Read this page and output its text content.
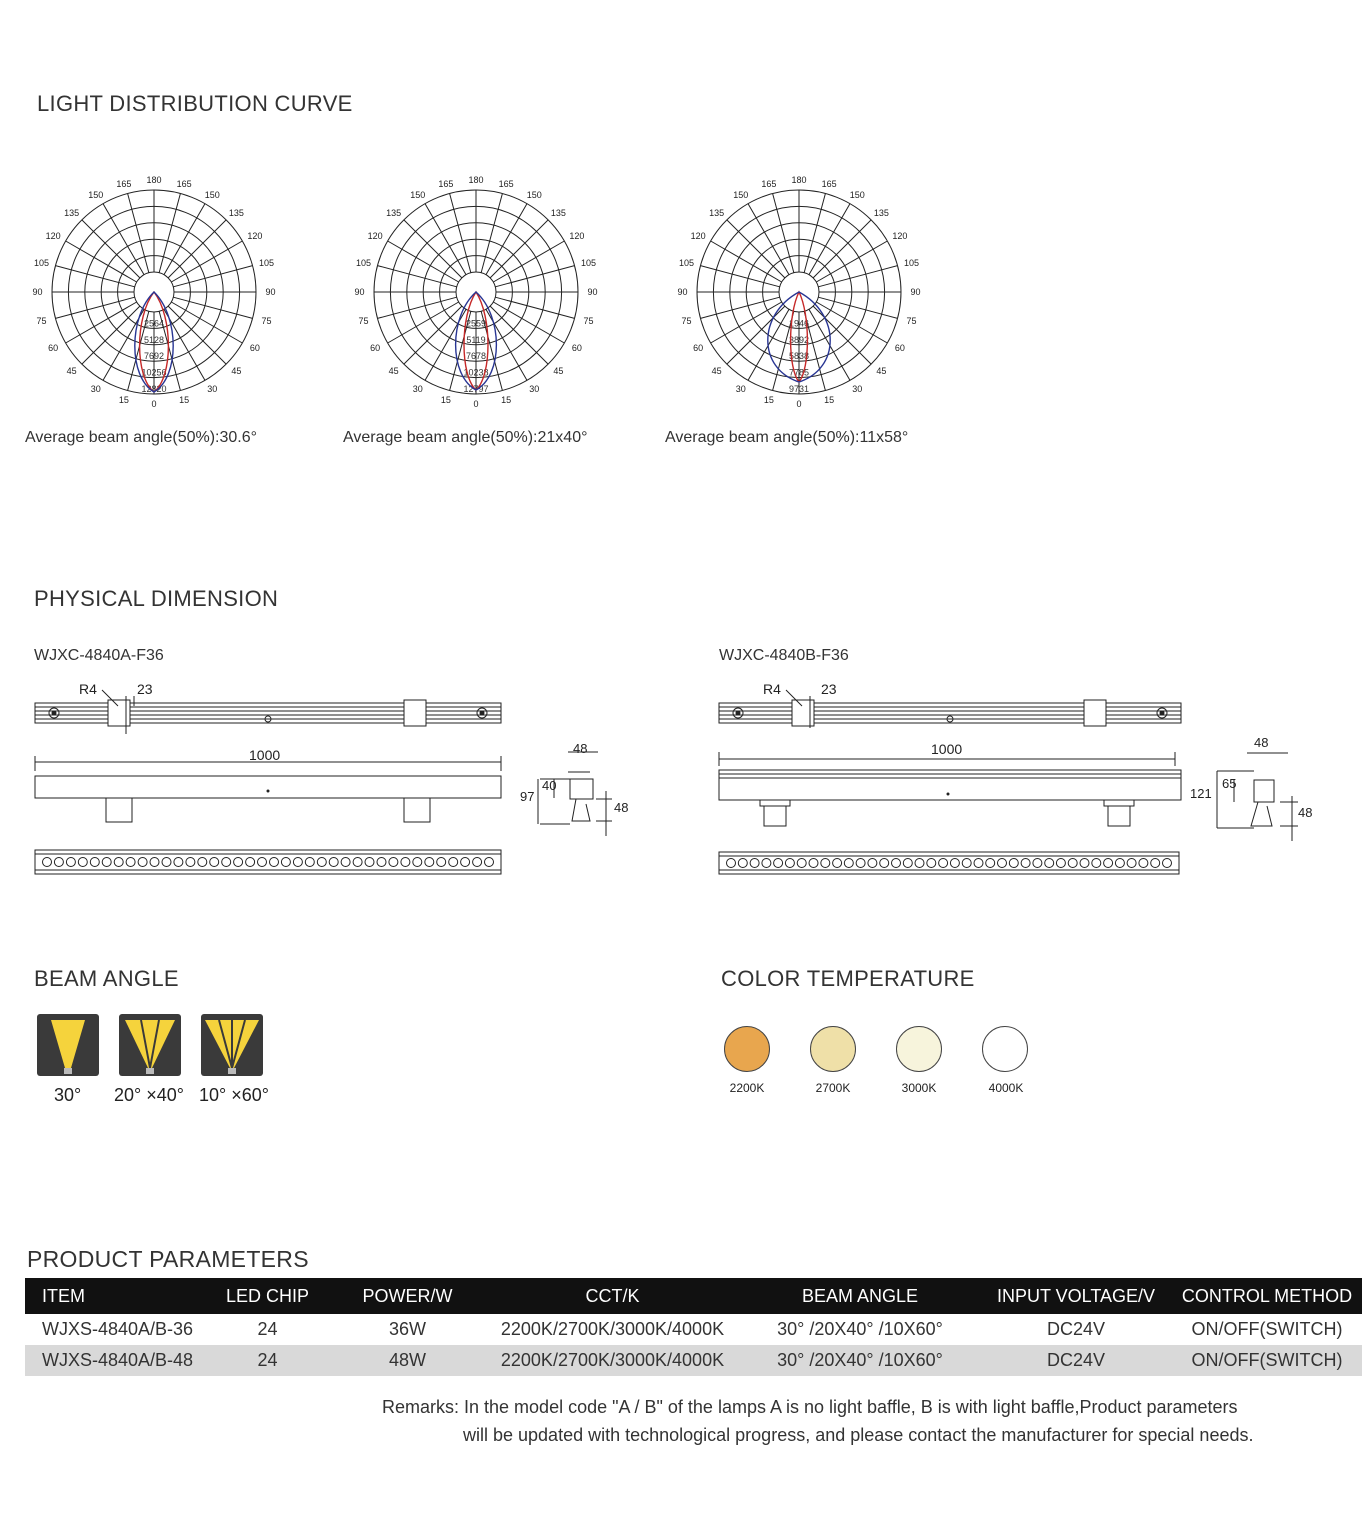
LIGHT DISTRIBUTION CURVE
180 165
165
150
150
135
135
120
120
105
105
90
90
75
75
60
60
45
45
30
30
15
15	0
2564
5128
7692
10256
12820
180 165
165
150
150
135
135
120
120
105
105
90
90
75
75
60
60
45
45
30
30
15
15	0
2559
5119
7678
10238
12797
180 165
165
150
150
135
135
120
120
105
105
90
90
75
75
60
60
45
45
30
30
15
15	0
1946
3892
5838
7785
9731
Average beam angle(50%):30.6°	Average beam angle(50%):21x40°	Average beam angle(50%):11x58°
PHYSICAL DIMENSION
WJXC-4840A-F36	WJXC-4840B-F36
R4	23
1000	48
97
40
48
R4	23
1000	48
121
65
48
BEAM ANGLE
30° 20° ×40° 10° ×60°
COLOR TEMPERATURE
2200K	2700K	3000K	4000K
PRODUCT PARAMETERS
ITEM	LED CHIP	POWER/W	CCT/K	BEAM ANGLE	INPUT VOLTAGE/V	CONTROL METHOD
WJXS-4840A/B-36	24	36W	2200K/2700K/3000K/4000K	30° /20X40° /10X60°	DC24V	ON/OFF(SWITCH)
WJXS-4840A/B-48	24	48W	2200K/2700K/3000K/4000K	30° /20X40° /10X60°	DC24V	ON/OFF(SWITCH)
Remarks: In the model code "A / B" of the lamps A is no light baffle, B is with light baffle,Product parameters
will be updated with technological progress, and please contact the manufacturer for special needs.
